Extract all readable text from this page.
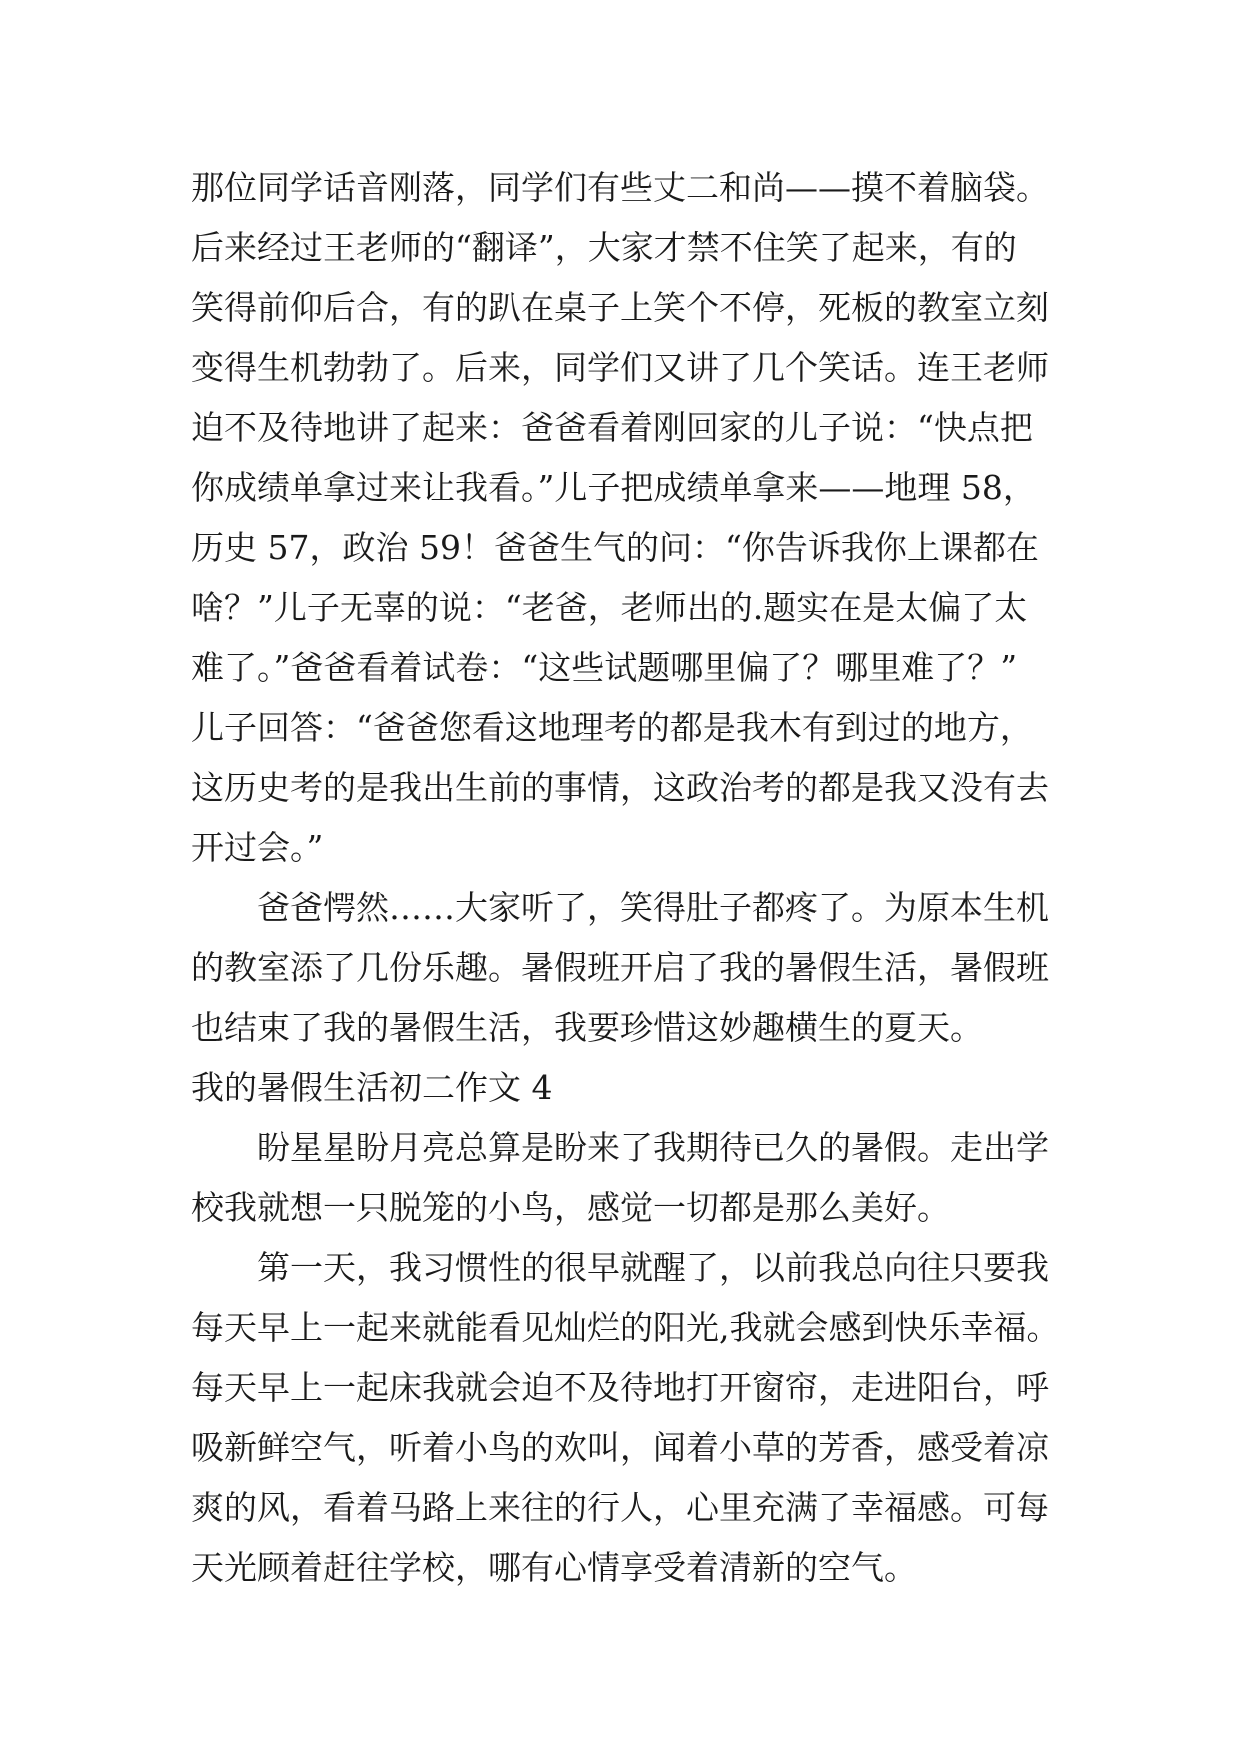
那位同学话音刚落，同学们有些丈二和尚——摸不着脑袋。
后来经过王老师的“翻译”，大家才禁不住笑了起来，有的
笑得前仰后合，有的趴在桌子上笑个不停，死板的教室立刻
变得生机勃勃了。后来，同学们又讲了几个笑话。连王老师
迫不及待地讲了起来：爸爸看着刚回家的儿子说：“快点把
你成绩单拿过来让我看。”儿子把成绩单拿来——地理 58，
历史 57，政治 59！爸爸生气的问：“你告诉我你上课都在
啥？”儿子无辜的说：“老爸，老师出的.题实在是太偏了太
难了。”爸爸看着试卷：“这些试题哪里偏了？哪里难了？”
儿子回答：“爸爸您看这地理考的都是我木有到过的地方，
这历史考的是我出生前的事情，这政治考的都是我又没有去
开过会。”
爸爸愕然……大家听了，笑得肚子都疼了。为原本生机
的教室添了几份乐趣。暑假班开启了我的暑假生活，暑假班
也结束了我的暑假生活，我要珍惜这妙趣横生的夏天。
我的暑假生活初二作文 4
盼星星盼月亮总算是盼来了我期待已久的暑假。走出学
校我就想一只脱笼的小鸟，感觉一切都是那么美好。
第一天，我习惯性的很早就醒了，以前我总向往只要我
每天早上一起来就能看见灿烂的阳光,我就会感到快乐幸福。
每天早上一起床我就会迫不及待地打开窗帘，走进阳台，呼
吸新鲜空气，听着小鸟的欢叫，闻着小草的芳香，感受着凉
爽的风，看着马路上来往的行人，心里充满了幸福感。可每
天光顾着赶往学校，哪有心情享受着清新的空气。
